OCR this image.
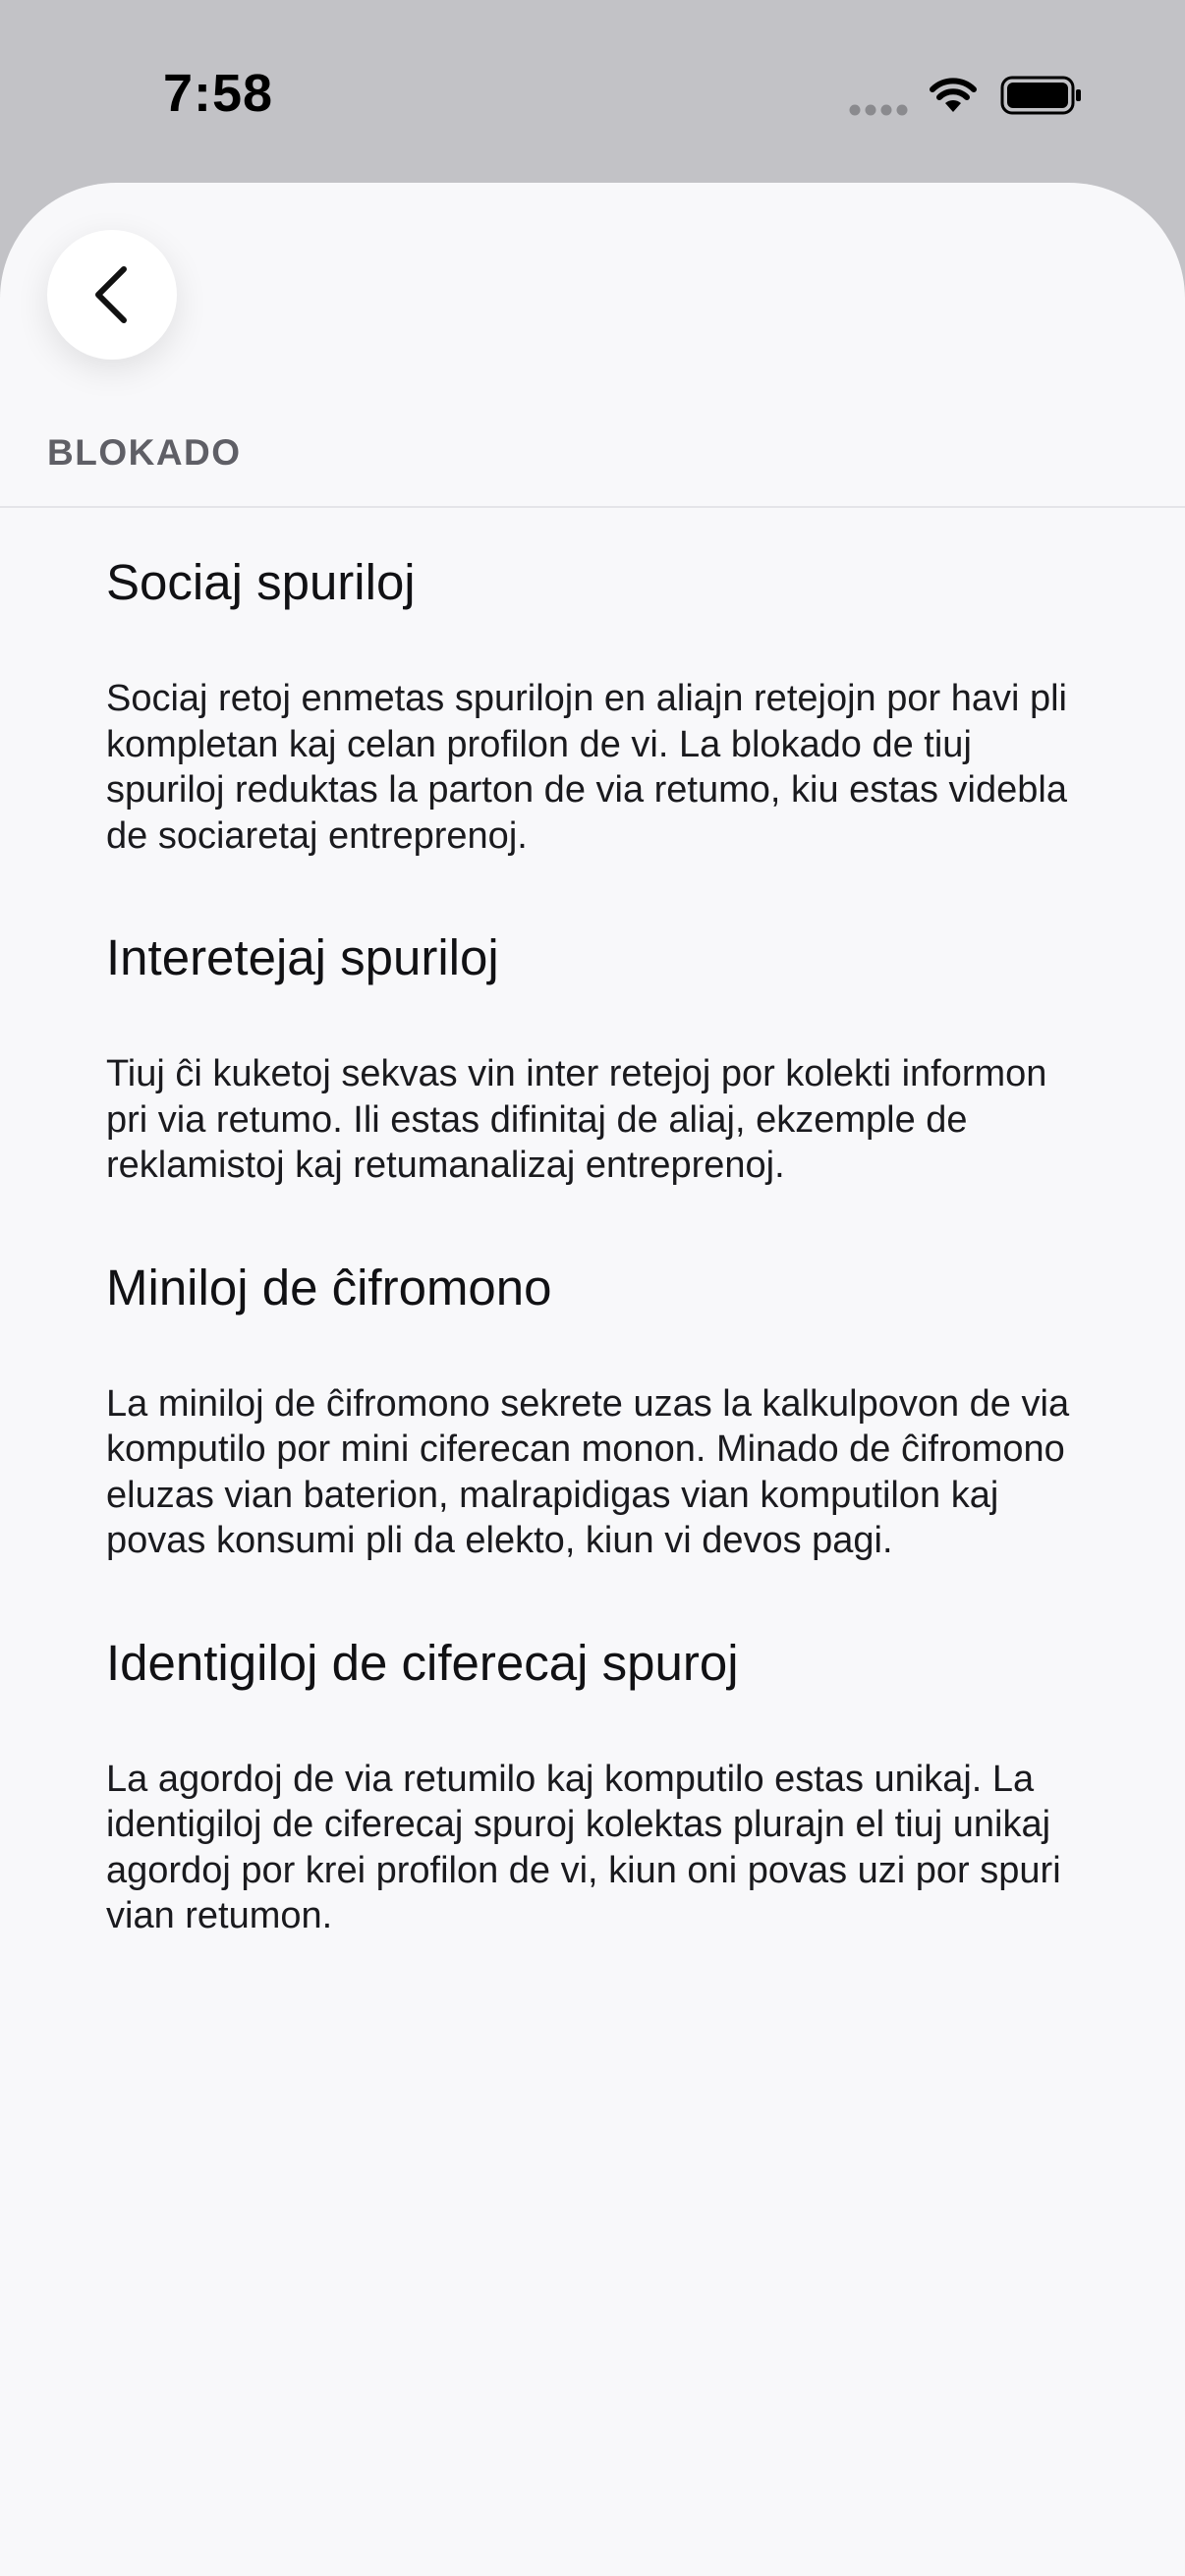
7:58
BLOKADO
Sociaj spuriloj

Sociaj retoj enmetas spurilojn en aliajn retejojn por havi pli kompletan kaj celan profilon de vi. La blokado de tiuj spuriloj reduktas la parton de via retumo, kiu estas videbla de sociaretaj entreprenoj.

Interetejaj spuriloj

Tiuj ĉi kuketoj sekvas vin inter retejoj por kolekti informon pri via retumo. Ili estas difinitaj de aliaj, ekzemple de reklamistoj kaj retumanalizaj entreprenoj.

Miniloj de ĉifromono

La miniloj de ĉifromono sekrete uzas la kalkulpovon de via komputilo por mini ciferecan monon. Minado de ĉifromono eluzas vian baterion, malrapidigas vian komputilon kaj povas konsumi pli da elekto, kiun vi devos pagi.

Identigiloj de ciferecaj spuroj

La agordoj de via retumilo kaj komputilo estas unikaj. La identigiloj de ciferecaj spuroj kolektas plurajn el tiuj unikaj agordoj por krei profilon de vi, kiun oni povas uzi por spuri vian retumon.
